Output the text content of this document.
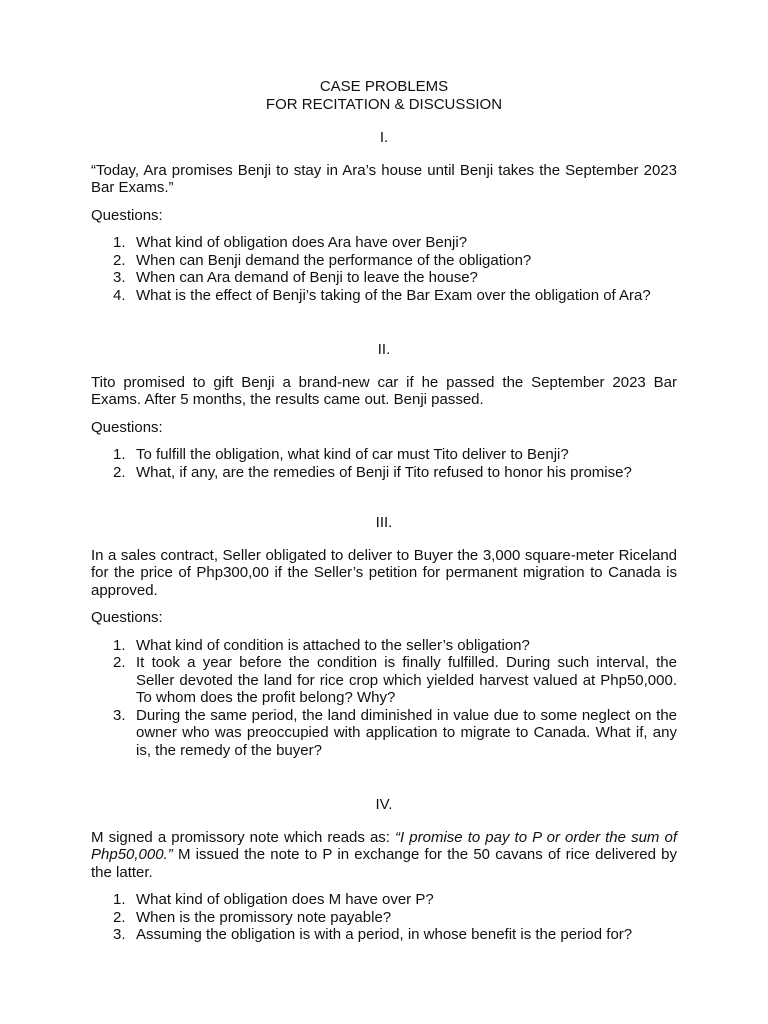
CASE PROBLEMS
FOR RECITATION & DISCUSSION
I.

“Today, Ara promises Benji to stay in Ara’s house until Benji takes the September 2023 Bar Exams.”

Questions:
1. What kind of obligation does Ara have over Benji?
2. When can Benji demand the performance of the obligation?
3. When can Ara demand of Benji to leave the house?
4. What is the effect of Benji’s taking of the Bar Exam over the obligation of Ara?
II.

Tito promised to gift Benji a brand-new car if he passed the September 2023 Bar Exams. After 5 months, the results came out. Benji passed.

Questions:
1. To fulfill the obligation, what kind of car must Tito deliver to Benji?
2. What, if any, are the remedies of Benji if Tito refused to honor his promise?
III.

In a sales contract, Seller obligated to deliver to Buyer the 3,000 square-meter Riceland for the price of Php300,00 if the Seller’s petition for permanent migration to Canada is approved.

Questions:
1. What kind of condition is attached to the seller’s obligation?
2. It took a year before the condition is finally fulfilled. During such interval, the Seller devoted the land for rice crop which yielded harvest valued at Php50,000. To whom does the profit belong? Why?
3. During the same period, the land diminished in value due to some neglect on the owner who was preoccupied with application to migrate to Canada. What if, any is, the remedy of the buyer?
IV.

M signed a promissory note which reads as: “I promise to pay to P or order the sum of Php50,000.” M issued the note to P in exchange for the 50 cavans of rice delivered by the latter.

1. What kind of obligation does M have over P?
2. When is the promissory note payable?
3. Assuming the obligation is with a period, in whose benefit is the period for?
